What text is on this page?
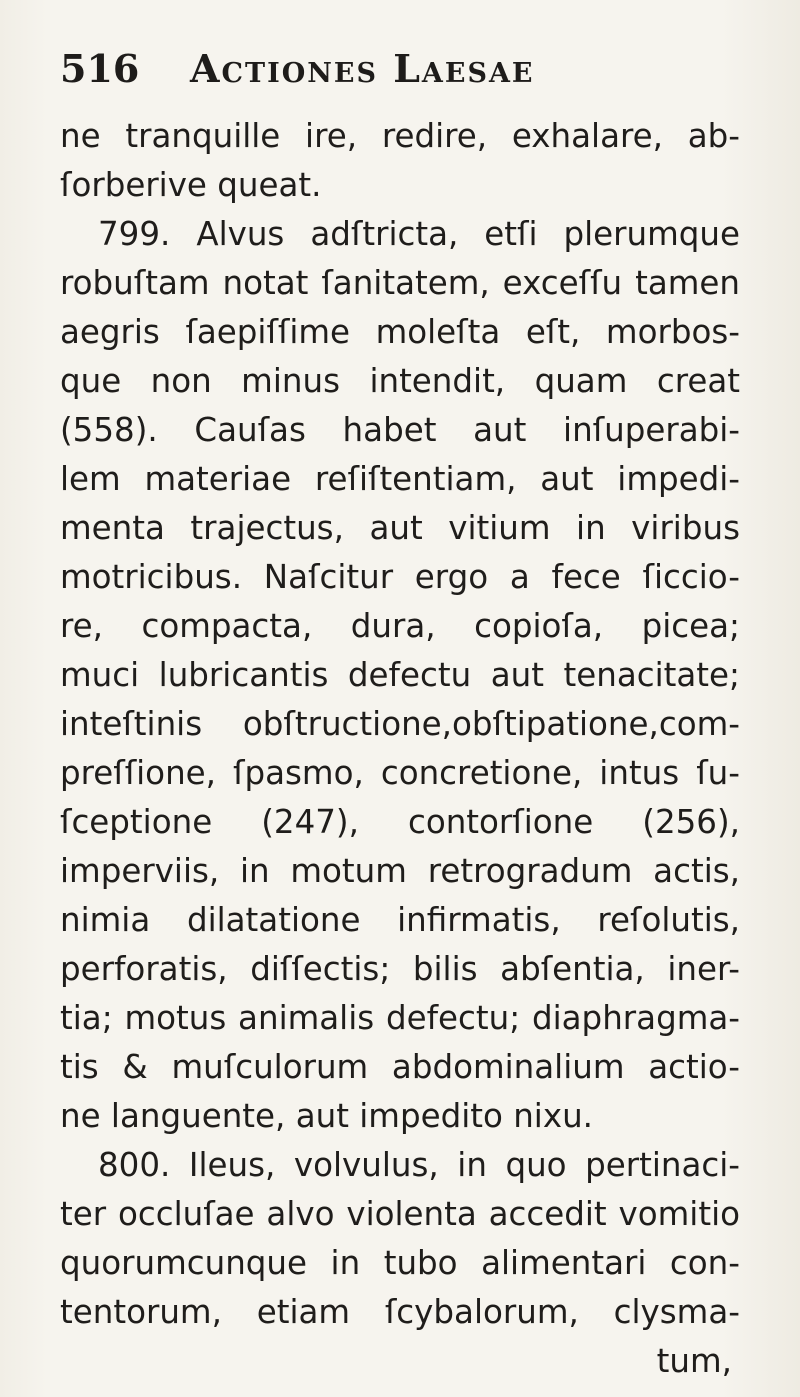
516 Actiones Laesae
ne tranquille ire, redire, exhalare, ab-
ſorberive queat.
799. Alvus adſtricta, etſi plerumque
robuſtam notat ſanitatem, exceſſu tamen
aegris ſaepiſſime moleſta eſt, morbos-
que non minus intendit, quam creat
(558). Cauſas habet aut inſuperabi-
lem materiae reſiſtentiam, aut impedi-
menta trajectus, aut vitium in viribus
motricibus. Naſcitur ergo a fece ſiccio-
re, compacta, dura, copioſa, picea;
muci lubricantis defectu aut tenacitate;
inteſtinis obſtructione,obſtipatione,com-
preſſione, ſpasmo, concretione, intus ſu-
ſceptione (247), contorſione (256),
imperviis, in motum retrogradum actis,
nimia dilatatione infirmatis, reſolutis,
perforatis, diſſectis; bilis abſentia, iner-
tia; motus animalis defectu; diaphragma-
tis & muſculorum abdominalium actio-
ne languente, aut impedito nixu.
800. Ileus, volvulus, in quo pertinaci-
ter occluſae alvo violenta accedit vomitio
quorumcunque in tubo alimentari con-
tentorum, etiam ſcybalorum, clysma-
tum,
